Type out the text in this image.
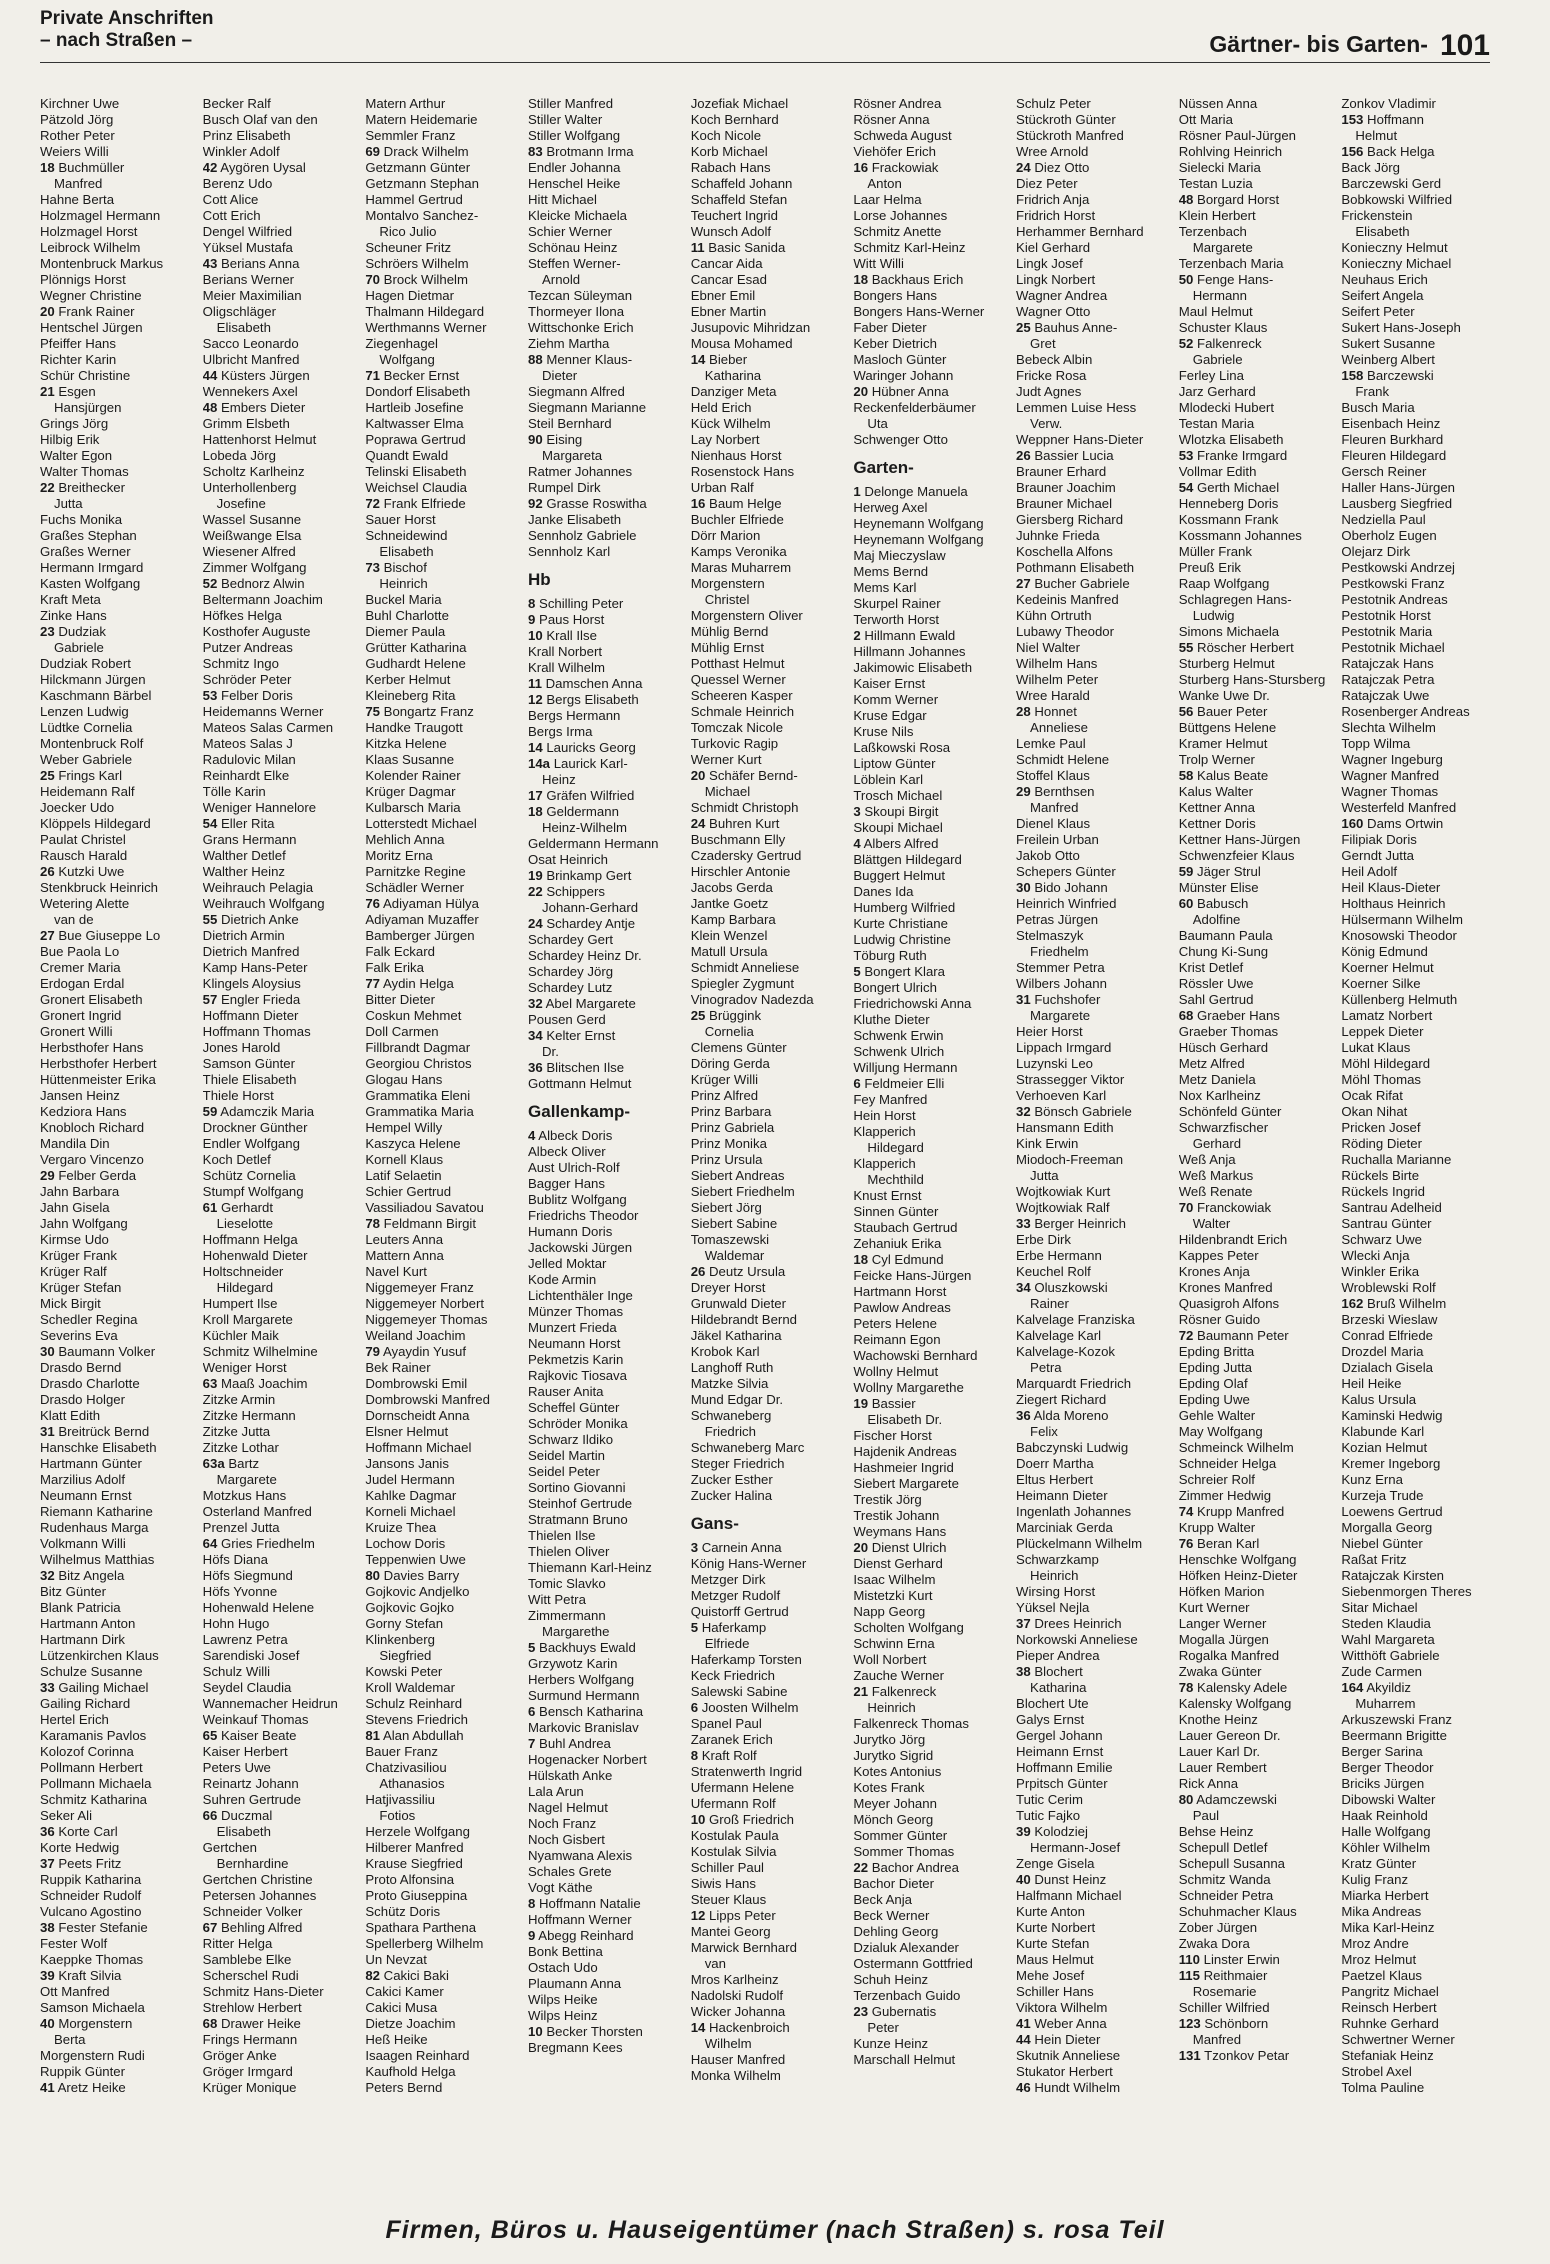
Private Anschriften
– nach Straßen –	Gärtner- bis Garten- 101
Kirchner Uwe
Pätzold Jörg
Rother Peter
Weiers Willi
18 Buchmüller
Manfred
Hahne Berta
Holzmagel Hermann
Holzmagel Horst
Leibrock Wilhelm
Montenbruck Markus
Plönnigs Horst
Wegner Christine
20 Frank Rainer
Hentschel Jürgen
Pfeiffer Hans
Richter Karin
Schür Christine
21 Esgen
Hansjürgen
Grings Jörg
Hilbig Erik
Walter Egon
Walter Thomas
22 Breithecker
Jutta
Fuchs Monika
Graßes Stephan
Graßes Werner
Hermann Irmgard
Kasten Wolfgang
Kraft Meta
Zinke Hans
23 Dudziak
Gabriele
Dudziak Robert
Hilckmann Jürgen
Kaschmann Bärbel
Lenzen Ludwig
Lüdtke Cornelia
Montenbruck Rolf
Weber Gabriele
25 Frings Karl
Heidemann Ralf
Joecker Udo
Klöppels Hildegard
Paulat Christel
Rausch Harald
26 Kutzki Uwe
Stenkbruck Heinrich
Wetering Alette
van de
27 Bue Giuseppe Lo
Bue Paola Lo
Cremer Maria
Erdogan Erdal
Gronert Elisabeth
Gronert Ingrid
Gronert Willi
Herbsthofer Hans
Herbsthofer Herbert
Hüttenmeister Erika
Jansen Heinz
Kedziora Hans
Knobloch Richard
Mandila Din
Vergaro Vincenzo
29 Felber Gerda
Jahn Barbara
Jahn Gisela
Jahn Wolfgang
Kirmse Udo
Krüger Frank
Krüger Ralf
Krüger Stefan
Mick Birgit
Schedler Regina
Severins Eva
30 Baumann Volker
Drasdo Bernd
Drasdo Charlotte
Drasdo Holger
Klatt Edith
31 Breitrück Bernd
Hanschke Elisabeth
Hartmann Günter
Marzilius Adolf
Neumann Ernst
Riemann Katharine
Rudenhaus Marga
Volkmann Willi
Wilhelmus Matthias
32 Bitz Angela
Bitz Günter
Blank Patricia
Hartmann Anton
Hartmann Dirk
Lützenkirchen Klaus
Schulze Susanne
33 Gailing Michael
Gailing Richard
Hertel Erich
Karamanis Pavlos
Kolozof Corinna
Pollmann Herbert
Pollmann Michaela
Schmitz Katharina
Seker Ali
36 Korte Carl
Korte Hedwig
37 Peets Fritz
Ruppik Katharina
Schneider Rudolf
Vulcano Agostino
38 Fester Stefanie
Fester Wolf
Kaeppke Thomas
39 Kraft Silvia
Ott Manfred
Samson Michaela
40 Morgenstern
Berta
Morgenstern Rudi
Ruppik Günter
41 Aretz Heike
Becker Ralf
Busch Olaf van den
Prinz Elisabeth
Winkler Adolf
42 Aygören Uysal
Berenz Udo
Cott Alice
Cott Erich
Dengel Wilfried
Yüksel Mustafa
43 Berians Anna
Berians Werner
Meier Maximilian
Oligschläger
Elisabeth
Sacco Leonardo
Ulbricht Manfred
44 Küsters Jürgen
Wennekers Axel
48 Embers Dieter
Grimm Elsbeth
Hattenhorst Helmut
Lobeda Jörg
Scholtz Karlheinz
Unterhollenberg
Josefine
Wassel Susanne
Weißwange Elsa
Wiesener Alfred
Zimmer Wolfgang
52 Bednorz Alwin
Beltermann Joachim
Höfkes Helga
Kosthofer Auguste
Putzer Andreas
Schmitz Ingo
Schröder Peter
53 Felber Doris
Heidemanns Werner
Mateos Salas Carmen
Mateos Salas J
Radulovic Milan
Reinhardt Elke
Tölle Karin
Weniger Hannelore
54 Eller Rita
Grans Hermann
Walther Detlef
Walther Heinz
Weihrauch Pelagia
Weihrauch Wolfgang
55 Dietrich Anke
Dietrich Armin
Dietrich Manfred
Kamp Hans-Peter
Klingels Aloysius
57 Engler Frieda
Hoffmann Dieter
Hoffmann Thomas
Jones Harold
Samson Günter
Thiele Elisabeth
Thiele Horst
59 Adamczik Maria
Drockner Günther
Endler Wolfgang
Koch Detlef
Schütz Cornelia
Stumpf Wolfgang
61 Gerhardt
Lieselotte
Hoffmann Helga
Hohenwald Dieter
Holtschneider
Hildegard
Humpert Ilse
Kroll Margarete
Küchler Maik
Schmitz Wilhelmine
Weniger Horst
63 Maaß Joachim
Zitzke Armin
Zitzke Hermann
Zitzke Jutta
Zitzke Lothar
63a Bartz
Margarete
Motzkus Hans
Osterland Manfred
Prenzel Jutta
64 Gries Friedhelm
Höfs Diana
Höfs Siegmund
Höfs Yvonne
Hohenwald Helene
Hohn Hugo
Lawrenz Petra
Sarendiski Josef
Schulz Willi
Seydel Claudia
Wannemacher Heidrun
Weinkauf Thomas
65 Kaiser Beate
Kaiser Herbert
Peters Uwe
Reinartz Johann
Suhren Gertrude
66 Duczmal
Elisabeth
Gertchen
Bernhardine
Gertchen Christine
Petersen Johannes
Schneider Volker
67 Behling Alfred
Ritter Helga
Samblebe Elke
Scherschel Rudi
Schmitz Hans-Dieter
Strehlow Herbert
68 Drawer Heike
Frings Hermann
Gröger Anke
Gröger Irmgard
Krüger Monique
Matern Arthur
Matern Heidemarie
Semmler Franz
69 Drack Wilhelm
Getzmann Günter
Getzmann Stephan
Hammel Gertrud
Montalvo Sanchez-
Rico Julio
Scheuner Fritz
Schröers Wilhelm
70 Brock Wilhelm
Hagen Dietmar
Thalmann Hildegard
Werthmanns Werner
Ziegenhagel
Wolfgang
71 Becker Ernst
Dondorf Elisabeth
Hartleib Josefine
Kaltwasser Elma
Poprawa Gertrud
Quandt Ewald
Telinski Elisabeth
Weichsel Claudia
72 Frank Elfriede
Sauer Horst
Schneidewind
Elisabeth
73 Bischof
Heinrich
Buckel Maria
Buhl Charlotte
Diemer Paula
Grütter Katharina
Gudhardt Helene
Kerber Helmut
Kleineberg Rita
75 Bongartz Franz
Handke Traugott
Kitzka Helene
Klaas Susanne
Kolender Rainer
Krüger Dagmar
Kulbarsch Maria
Lotterstedt Michael
Mehlich Anna
Moritz Erna
Parnitzke Regine
Schädler Werner
76 Adiyaman Hülya
Adiyaman Muzaffer
Bamberger Jürgen
Falk Eckard
Falk Erika
77 Aydin Helga
Bitter Dieter
Coskun Mehmet
Doll Carmen
Fillbrandt Dagmar
Georgiou Christos
Glogau Hans
Grammatika Eleni
Grammatika Maria
Hempel Willy
Kaszyca Helene
Kornell Klaus
Latif Selaetin
Schier Gertrud
Vassiliadou Savatou
78 Feldmann Birgit
Leuters Anna
Mattern Anna
Navel Kurt
Niggemeyer Franz
Niggemeyer Norbert
Niggemeyer Thomas
Weiland Joachim
79 Ayaydin Yusuf
Bek Rainer
Dombrowski Emil
Dombrowski Manfred
Dornscheidt Anna
Elsner Helmut
Hoffmann Michael
Jansons Janis
Judel Hermann
Kahlke Dagmar
Korneli Michael
Kruize Thea
Lochow Doris
Teppenwien Uwe
80 Davies Barry
Gojkovic Andjelko
Gojkovic Gojko
Gorny Stefan
Klinkenberg
Siegfried
Kowski Peter
Kroll Waldemar
Schulz Reinhard
Stevens Friedrich
81 Alan Abdullah
Bauer Franz
Chatzivasiliou
Athanasios
Hatjivassiliu
Fotios
Herzele Wolfgang
Hilberer Manfred
Krause Siegfried
Proto Alfonsina
Proto Giuseppina
Schütz Doris
Spathara Parthena
Spellerberg Wilhelm
Un Nevzat
82 Cakici Baki
Cakici Kamer
Cakici Musa
Dietze Joachim
Heß Heike
Isaagen Reinhard
Kaufhold Helga
Peters Bernd
Stiller Manfred
Stiller Walter
Stiller Wolfgang
83 Brotmann Irma
Endler Johanna
Henschel Heike
Hitt Michael
Kleicke Michaela
Schier Werner
Schönau Heinz
Steffen Werner-
Arnold
Tezcan Süleyman
Thormeyer Ilona
Wittschonke Erich
Ziehm Martha
88 Menner Klaus-
Dieter
Siegmann Alfred
Siegmann Marianne
Steil Bernhard
90 Eising
Margareta
Ratmer Johannes
Rumpel Dirk
92 Grasse Roswitha
Janke Elisabeth
Sennholz Gabriele
Sennholz Karl
Hb
8 Schilling Peter
9 Paus Horst
10 Krall Ilse
Krall Norbert
Krall Wilhelm
11 Damschen Anna
12 Bergs Elisabeth
Bergs Hermann
Bergs Irma
14 Lauricks Georg
14a Laurick Karl-
Heinz
17 Gräfen Wilfried
18 Geldermann
Heinz-Wilhelm
Geldermann Hermann
Osat Heinrich
19 Brinkamp Gert
22 Schippers
Johann-Gerhard
24 Schardey Antje
Schardey Gert
Schardey Heinz Dr.
Schardey Jörg
Schardey Lutz
32 Abel Margarete
Pousen Gerd
34 Kelter Ernst
Dr.
36 Blitschen Ilse
Gottmann Helmut
Gallenkamp-
4 Albeck Doris
Albeck Oliver
Aust Ulrich-Rolf
Bagger Hans
Bublitz Wolfgang
Friedrichs Theodor
Humann Doris
Jackowski Jürgen
Jelled Moktar
Kode Armin
Lichtenthäler Inge
Münzer Thomas
Munzert Frieda
Neumann Horst
Pekmetzis Karin
Rajkovic Tiosava
Rauser Anita
Scheffel Günter
Schröder Monika
Schwarz Ildiko
Seidel Martin
Seidel Peter
Sortino Giovanni
Steinhof Gertrude
Stratmann Bruno
Thielen Ilse
Thielen Oliver
Thiemann Karl-Heinz
Tomic Slavko
Witt Petra
Zimmermann
Margarethe
5 Backhuys Ewald
Grzywotz Karin
Herbers Wolfgang
Surmund Hermann
6 Bensch Katharina
Markovic Branislav
7 Buhl Andrea
Hogenacker Norbert
Hülskath Anke
Lala Arun
Nagel Helmut
Noch Franz
Noch Gisbert
Nyamwana Alexis
Schales Grete
Vogt Käthe
8 Hoffmann Natalie
Hoffmann Werner
9 Abegg Reinhard
Bonk Bettina
Ostach Udo
Plaumann Anna
Wilps Heike
Wilps Heinz
10 Becker Thorsten
Bregmann Kees
Jozefiak Michael
Koch Bernhard
Koch Nicole
Korb Michael
Rabach Hans
Schaffeld Johann
Schaffeld Stefan
Teuchert Ingrid
Wunsch Adolf
11 Basic Sanida
Cancar Aida
Cancar Esad
Ebner Emil
Ebner Martin
Jusupovic Mihridzan
Mousa Mohamed
14 Bieber
Katharina
Danziger Meta
Held Erich
Kück Wilhelm
Lay Norbert
Nienhaus Horst
Rosenstock Hans
Urban Ralf
16 Baum Helge
Buchler Elfriede
Dörr Marion
Kamps Veronika
Maras Muharrem
Morgenstern
Christel
Morgenstern Oliver
Mühlig Bernd
Mühlig Ernst
Potthast Helmut
Quessel Werner
Scheeren Kasper
Schmale Heinrich
Tomczak Nicole
Turkovic Ragip
Werner Kurt
20 Schäfer Bernd-
Michael
Schmidt Christoph
24 Buhren Kurt
Buschmann Elly
Czadersky Gertrud
Hirschler Antonie
Jacobs Gerda
Jantke Goetz
Kamp Barbara
Klein Wenzel
Matull Ursula
Schmidt Anneliese
Spiegler Zygmunt
Vinogradov Nadezda
25 Brüggink
Cornelia
Clemens Günter
Döring Gerda
Krüger Willi
Prinz Alfred
Prinz Barbara
Prinz Gabriela
Prinz Monika
Prinz Ursula
Siebert Andreas
Siebert Friedhelm
Siebert Jörg
Siebert Sabine
Tomaszewski
Waldemar
26 Deutz Ursula
Dreyer Horst
Grunwald Dieter
Hildebrandt Bernd
Jäkel Katharina
Krobok Karl
Langhoff Ruth
Matzke Silvia
Mund Edgar Dr.
Schwaneberg
Friedrich
Schwaneberg Marc
Steger Friedrich
Zucker Esther
Zucker Halina
Gans-
3 Carnein Anna
König Hans-Werner
Metzger Dirk
Metzger Rudolf
Quistorff Gertrud
5 Haferkamp
Elfriede
Haferkamp Torsten
Keck Friedrich
Salewski Sabine
6 Joosten Wilhelm
Spanel Paul
Zaranek Erich
8 Kraft Rolf
Stratenwerth Ingrid
Ufermann Helene
Ufermann Rolf
10 Groß Friedrich
Kostulak Paula
Kostulak Silvia
Schiller Paul
Siwis Hans
Steuer Klaus
12 Lipps Peter
Mantei Georg
Marwick Bernhard
van
Mros Karlheinz
Nadolski Rudolf
Wicker Johanna
14 Hackenbroich
Wilhelm
Hauser Manfred
Monka Wilhelm
Rösner Andrea
Rösner Anna
Schweda August
Viehöfer Erich
16 Frackowiak
Anton
Laar Helma
Lorse Johannes
Schmitz Anette
Schmitz Karl-Heinz
Witt Willi
18 Backhaus Erich
Bongers Hans
Bongers Hans-Werner
Faber Dieter
Keber Dietrich
Masloch Günter
Waringer Johann
20 Hübner Anna
Reckenfelderbäumer
Uta
Schwenger Otto
Garten-
1 Delonge Manuela
Herweg Axel
Heynemann Wolfgang
Heynemann Wolfgang
Maj Mieczyslaw
Mems Bernd
Mems Karl
Skurpel Rainer
Terworth Horst
2 Hillmann Ewald
Hillmann Johannes
Jakimowic Elisabeth
Kaiser Ernst
Komm Werner
Kruse Edgar
Kruse Nils
Laßkowski Rosa
Liptow Günter
Löblein Karl
Trosch Michael
3 Skoupi Birgit
Skoupi Michael
4 Albers Alfred
Blättgen Hildegard
Buggert Helmut
Danes Ida
Humberg Wilfried
Kurte Christiane
Ludwig Christine
Töburg Ruth
5 Bongert Klara
Bongert Ulrich
Friedrichowski Anna
Kluthe Dieter
Schwenk Erwin
Schwenk Ulrich
Willjung Hermann
6 Feldmeier Elli
Fey Manfred
Hein Horst
Klapperich
Hildegard
Klapperich
Mechthild
Knust Ernst
Sinnen Günter
Staubach Gertrud
Zehaniuk Erika
18 Cyl Edmund
Feicke Hans-Jürgen
Hartmann Horst
Pawlow Andreas
Peters Helene
Reimann Egon
Wachowski Bernhard
Wollny Helmut
Wollny Margarethe
19 Bassier
Elisabeth Dr.
Fischer Horst
Hajdenik Andreas
Hashmeier Ingrid
Siebert Margarete
Trestik Jörg
Trestik Johann
Weymans Hans
20 Dienst Ulrich
Dienst Gerhard
Isaac Wilhelm
Mistetzki Kurt
Napp Georg
Scholten Wolfgang
Schwinn Erna
Woll Norbert
Zauche Werner
21 Falkenreck
Heinrich
Falkenreck Thomas
Jurytko Jörg
Jurytko Sigrid
Kotes Antonius
Kotes Frank
Meyer Johann
Mönch Georg
Sommer Günter
Sommer Thomas
22 Bachor Andrea
Bachor Dieter
Beck Anja
Beck Werner
Dehling Georg
Dzialuk Alexander
Ostermann Gottfried
Schuh Heinz
Terzenbach Guido
23 Gubernatis
Peter
Kunze Heinz
Marschall Helmut
Schulz Peter
Stückroth Günter
Stückroth Manfred
Wree Arnold
24 Diez Otto
Diez Peter
Fridrich Anja
Fridrich Horst
Herhammer Bernhard
Kiel Gerhard
Lingk Josef
Lingk Norbert
Wagner Andrea
Wagner Otto
25 Bauhus Anne-
Gret
Bebeck Albin
Fricke Rosa
Judt Agnes
Lemmen Luise Hess
Verw.
Weppner Hans-Dieter
26 Bassier Lucia
Brauner Erhard
Brauner Joachim
Brauner Michael
Giersberg Richard
Juhnke Frieda
Koschella Alfons
Pothmann Elisabeth
27 Bucher Gabriele
Kedeinis Manfred
Kühn Ortruth
Lubawy Theodor
Niel Walter
Wilhelm Hans
Wilhelm Peter
Wree Harald
28 Honnet
Anneliese
Lemke Paul
Schmidt Helene
Stoffel Klaus
29 Bernthsen
Manfred
Dienel Klaus
Freilein Urban
Jakob Otto
Schepers Günter
30 Bido Johann
Heinrich Winfried
Petras Jürgen
Stelmaszyk
Friedhelm
Stemmer Petra
Wilbers Johann
31 Fuchshofer
Margarete
Heier Horst
Lippach Irmgard
Luzynski Leo
Strassegger Viktor
Verhoeven Karl
32 Bönsch Gabriele
Hansmann Edith
Kink Erwin
Miodoch-Freeman
Jutta
Wojtkowiak Kurt
Wojtkowiak Ralf
33 Berger Heinrich
Erbe Dirk
Erbe Hermann
Keuchel Rolf
34 Oluszkowski
Rainer
Kalvelage Franziska
Kalvelage Karl
Kalvelage-Kozok
Petra
Marquardt Friedrich
Ziegert Richard
36 Alda Moreno
Felix
Babczynski Ludwig
Doerr Martha
Eltus Herbert
Heimann Dieter
Ingenlath Johannes
Marciniak Gerda
Plückelmann Wilhelm
Schwarzkamp
Heinrich
Wirsing Horst
Yüksel Nejla
37 Drees Heinrich
Norkowski Anneliese
Pieper Andrea
38 Blochert
Katharina
Blochert Ute
Galys Ernst
Gergel Johann
Heimann Ernst
Hoffmann Emilie
Prpitsch Günter
Tutic Cerim
Tutic Fajko
39 Kolodziej
Hermann-Josef
Zenge Gisela
40 Dunst Heinz
Halfmann Michael
Kurte Anton
Kurte Norbert
Kurte Stefan
Maus Helmut
Mehe Josef
Schiller Hans
Viktora Wilhelm
41 Weber Anna
44 Hein Dieter
Skutnik Anneliese
Stukator Herbert
46 Hundt Wilhelm
Nüssen Anna
Ott Maria
Rösner Paul-Jürgen
Rohlving Heinrich
Sielecki Maria
Testan Luzia
48 Borgard Horst
Klein Herbert
Terzenbach
Margarete
Terzenbach Maria
50 Fenge Hans-
Hermann
Maul Helmut
Schuster Klaus
52 Falkenreck
Gabriele
Ferley Lina
Jarz Gerhard
Mlodecki Hubert
Testan Maria
Wlotzka Elisabeth
53 Franke Irmgard
Vollmar Edith
54 Gerth Michael
Henneberg Doris
Kossmann Frank
Kossmann Johannes
Müller Frank
Preuß Erik
Raap Wolfgang
Schlagregen Hans-
Ludwig
Simons Michaela
55 Röscher Herbert
Sturberg Helmut
Sturberg Hans-Stursberg
Wanke Uwe Dr.
56 Bauer Peter
Büttgens Helene
Kramer Helmut
Trolp Werner
58 Kalus Beate
Kalus Walter
Kettner Anna
Kettner Doris
Kettner Hans-Jürgen
Schwenzfeier Klaus
59 Jäger Strul
Münster Elise
60 Babusch
Adolfine
Baumann Paula
Chung Ki-Sung
Krist Detlef
Rössler Uwe
Sahl Gertrud
68 Graeber Hans
Graeber Thomas
Hüsch Gerhard
Metz Alfred
Metz Daniela
Nox Karlheinz
Schönfeld Günter
Schwarzfischer
Gerhard
Weß Anja
Weß Markus
Weß Renate
70 Franckowiak
Walter
Hildenbrandt Erich
Kappes Peter
Krones Anja
Krones Manfred
Quasigroh Alfons
Rösner Guido
72 Baumann Peter
Epding Britta
Epding Jutta
Epding Olaf
Epding Uwe
Gehle Walter
May Wolfgang
Schmeinck Wilhelm
Schneider Helga
Schreier Rolf
Zimmer Hedwig
74 Krupp Manfred
Krupp Walter
76 Beran Karl
Henschke Wolfgang
Höfken Heinz-Dieter
Höfken Marion
Kurt Werner
Langer Werner
Mogalla Jürgen
Rogalka Manfred
Zwaka Günter
78 Kalensky Adele
Kalensky Wolfgang
Knothe Heinz
Lauer Gereon Dr.
Lauer Karl Dr.
Lauer Rembert
Rick Anna
80 Adamczewski
Paul
Behse Heinz
Schepull Detlef
Schepull Susanna
Schmitz Wanda
Schneider Petra
Schuhmacher Klaus
Zober Jürgen
Zwaka Dora
110 Linster Erwin
115 Reithmaier
Rosemarie
Schiller Wilfried
123 Schönborn
Manfred
131 Tzonkov Petar
Zonkov Vladimir
153 Hoffmann
Helmut
156 Back Helga
Back Jörg
Barczewski Gerd
Bobkowski Wilfried
Frickenstein
Elisabeth
Konieczny Helmut
Konieczny Michael
Neuhaus Erich
Seifert Angela
Seifert Peter
Sukert Hans-Joseph
Sukert Susanne
Weinberg Albert
158 Barczewski
Frank
Busch Maria
Eisenbach Heinz
Fleuren Burkhard
Fleuren Hildegard
Gersch Reiner
Haller Hans-Jürgen
Lausberg Siegfried
Nedziella Paul
Oberholz Eugen
Olejarz Dirk
Pestkowski Andrzej
Pestkowski Franz
Pestotnik Andreas
Pestotnik Horst
Pestotnik Maria
Pestotnik Michael
Ratajczak Hans
Ratajczak Petra
Ratajczak Uwe
Rosenberger Andreas
Slechta Wilhelm
Topp Wilma
Wagner Ingeburg
Wagner Manfred
Wagner Thomas
Westerfeld Manfred
160 Dams Ortwin
Filipiak Doris
Gerndt Jutta
Heil Adolf
Heil Klaus-Dieter
Holthaus Heinrich
Hülsermann Wilhelm
Knosowski Theodor
König Edmund
Koerner Helmut
Koerner Silke
Küllenberg Helmuth
Lamatz Norbert
Leppek Dieter
Lukat Klaus
Möhl Hildegard
Möhl Thomas
Ocak Rifat
Okan Nihat
Pricken Josef
Röding Dieter
Ruchalla Marianne
Rückels Birte
Rückels Ingrid
Santrau Adelheid
Santrau Günter
Schwarz Uwe
Wlecki Anja
Winkler Erika
Wroblewski Rolf
162 Bruß Wilhelm
Brzeski Wieslaw
Conrad Elfriede
Drozdel Maria
Dzialach Gisela
Heil Heike
Kalus Ursula
Kaminski Hedwig
Klabunde Karl
Kozian Helmut
Kremer Ingeborg
Kunz Erna
Kurzeja Trude
Loewens Gertrud
Morgalla Georg
Niebel Günter
Raßat Fritz
Ratajczak Kirsten
Siebenmorgen Theres
Sitar Michael
Steden Klaudia
Wahl Margareta
Witthöft Gabriele
Zude Carmen
164 Akyildiz
Muharrem
Arkuszewski Franz
Beermann Brigitte
Berger Sarina
Berger Theodor
Briciks Jürgen
Dibowski Walter
Haak Reinhold
Halle Wolfgang
Köhler Wilhelm
Kratz Günter
Kulig Franz
Miarka Herbert
Mika Andreas
Mika Karl-Heinz
Mroz Andre
Mroz Helmut
Paetzel Klaus
Pangritz Michael
Reinsch Herbert
Ruhnke Gerhard
Schwertner Werner
Stefaniak Heinz
Strobel Axel
Tolma Pauline
Firmen, Büros u. Hauseigentümer (nach Straßen) s. rosa Teil
